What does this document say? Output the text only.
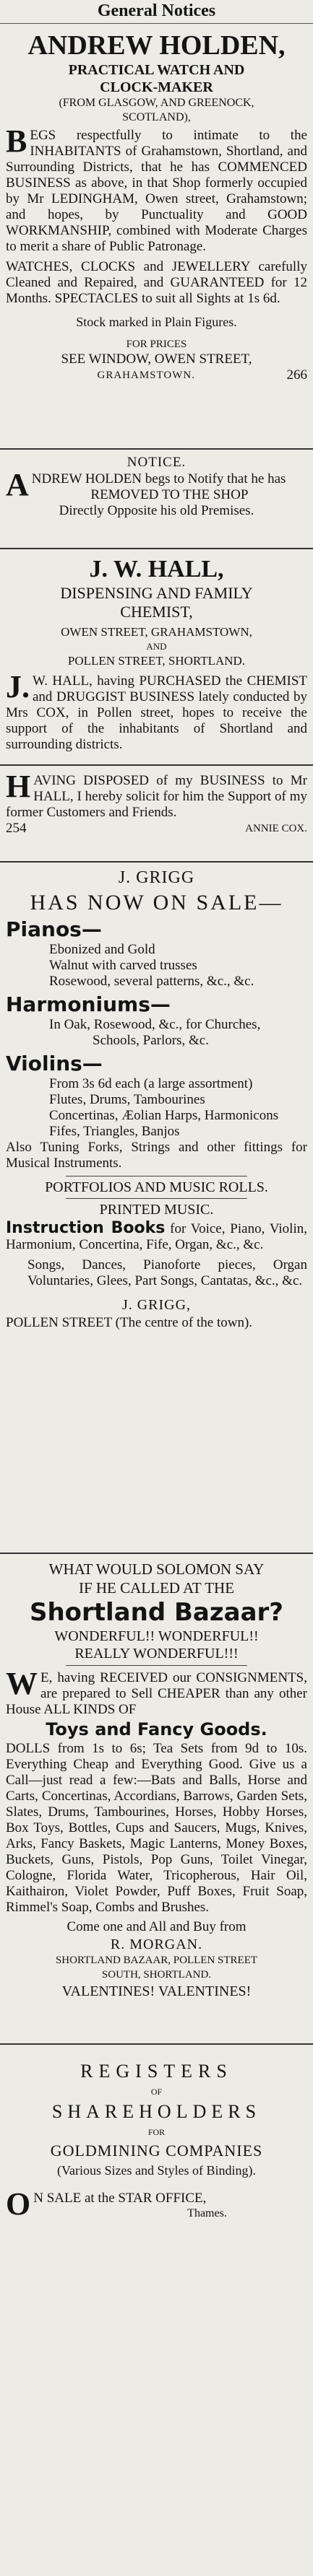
General Notices
ANDREW HOLDEN,
PRACTICAL WATCH AND
CLOCK-MAKER
(FROM GLASGOW, AND GREENOCK,
SCOTLAND),

BEGS respectfully to intimate to the INHABITANTS of Grahamstown, Shortland, and Surrounding Districts, that he has COMMENCED BUSINESS as above, in that Shop formerly occupied by Mr LEDINGHAM, Owen street, Grahamstown; and hopes, by Punctuality and GOOD WORKMANSHIP, combined with Moderate Charges to merit a share of Public Patronage.

WATCHES, CLOCKS and JEWELLERY carefully Cleaned and Repaired, and GUARANTEED for 12 Months. SPECTACLES to suit all Sights at 1s 6d.

Stock marked in Plain Figures.
FOR PRICES
SEE WINDOW, OWEN STREET,
GRAHAMSTOWN.	266
NOTICE.

ANDREW HOLDEN begs to Notify that he has

REMOVED TO THE SHOP
Directly Opposite his old Premises.
J. W. HALL,
DISPENSING AND FAMILY
CHEMIST,
OWEN STREET, GRAHAMSTOWN,
AND
POLLEN STREET, SHORTLAND.

J.W. HALL, having PURCHASED the CHEMIST and DRUGGIST BUSINESS lately conducted by Mrs COX, in Pollen street, hopes to receive the support of the inhabitants of Shortland and surrounding districts.

HAVING DISPOSED of my BUSINESS to Mr HALL, I hereby solicit for him the Support of my former Customers and Friends.

254	ANNIE COX.
J. GRIGG
HAS NOW ON SALE—
Pianos—
Ebonized and Gold
Walnut with carved trusses
Rosewood, several patterns, &c., &c.
Harmoniums—
In Oak, Rosewood, &c., for Churches,
Schools, Parlors, &c.
Violins—
From 3s 6d each (a large assortment)
Flutes, Drums, Tambourines
Concertinas, Æolian Harps, Harmonicons
Fifes, Triangles, Banjos
Also Tuning Forks, Strings and other fittings for Musical Instruments.
PORTFOLIOS AND MUSIC ROLLS.
PRINTED MUSIC.

Instruction Books for Voice, Piano, Violin, Harmonium, Concertina, Fife, Organ, &c., &c.

Songs, Dances, Pianoforte pieces, Organ Voluntaries, Glees, Part Songs, Cantatas, &c., &c.

J. GRIGG,
POLLEN STREET (The centre of the town).
WHAT WOULD SOLOMON SAY
IF HE CALLED AT THE
Shortland Bazaar?
WONDERFUL!! WONDERFUL!!
REALLY WONDERFUL!!!

WE, having RECEIVED our CONSIGNMENTS, are prepared to Sell CHEAPER than any other House ALL KINDS OF

Toys and Fancy Goods.

DOLLS from 1s to 6s; Tea Sets from 9d to 10s. Everything Cheap and Everything Good. Give us a Call—just read a few:—Bats and Balls, Horse and Carts, Concertinas, Accordians, Barrows, Garden Sets, Slates, Drums, Tambourines, Horses, Hobby Horses, Box Toys, Bottles, Cups and Saucers, Mugs, Knives, Arks, Fancy Baskets, Magic Lanterns, Money Boxes, Buckets, Guns, Pistols, Pop Guns, Toilet Vinegar, Cologne, Florida Water, Tricopherous, Hair Oil, Kaithairon, Violet Powder, Puff Boxes, Fruit Soap, Rimmel's Soap, Combs and Brushes.

Come one and All and Buy from
R. MORGAN.
SHORTLAND BAZAAR, POLLEN STREET
SOUTH, SHORTLAND.
VALENTINES! VALENTINES!
REGISTERS
OF
SHAREHOLDERS
FOR
GOLDMINING COMPANIES
(Various Sizes and Styles of Binding).

ON SALE at the STAR OFFICE,

Thames.
